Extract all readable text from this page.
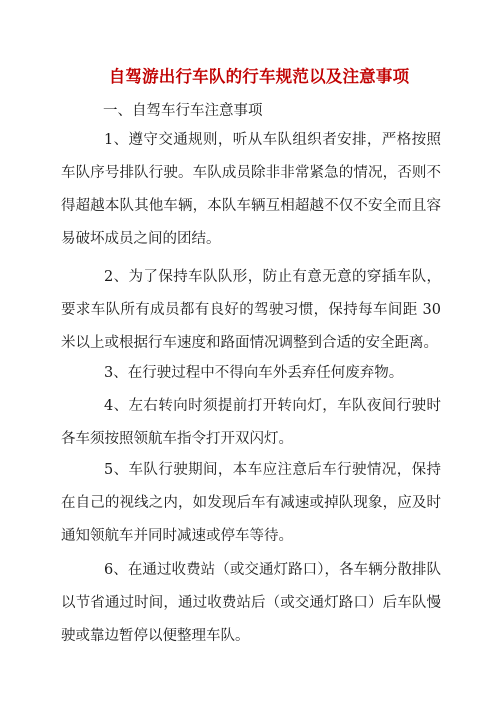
自驾游出行车队的行车规范以及注意事项
一、自驾车行车注意事项

1、遵守交通规则，听从车队组织者安排，严格按照车队序号排队行驶。车队成员除非非常紧急的情况，否则不得超越本队其他车辆，本队车辆互相超越不仅不安全而且容易破坏成员之间的团结。

2、为了保持车队队形，防止有意无意的穿插车队，要求车队所有成员都有良好的驾驶习惯，保持每车间距 30 米以上或根据行车速度和路面情况调整到合适的安全距离。

3、在行驶过程中不得向车外丢弃任何废弃物。

4、左右转向时须提前打开转向灯，车队夜间行驶时各车须按照领航车指令打开双闪灯。

5、车队行驶期间，本车应注意后车行驶情况，保持在自己的视线之内，如发现后车有减速或掉队现象，应及时通知领航车并同时减速或停车等待。

6、在通过收费站（或交通灯路口），各车辆分散排队以节省通过时间，通过收费站后（或交通灯路口）后车队慢驶或靠边暂停以便整理车队。
